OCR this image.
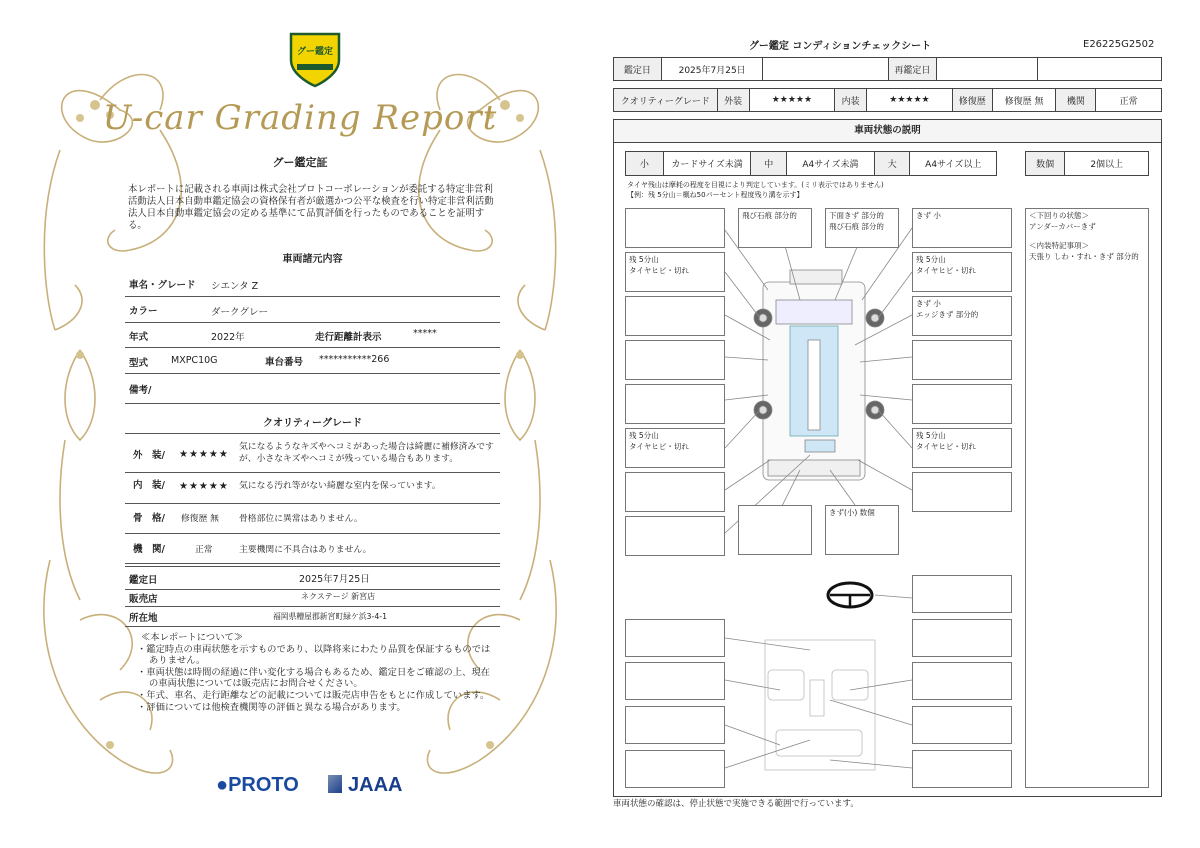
グー鑑定
U-car Grading Report
グー鑑定証
本レポートに記載される車両は株式会社プロトコーポレーションが委託する特定非営利活動法人日本自動車鑑定協会の資格保有者が厳選かつ公平な検査を行い特定非営利活動法人日本自動車鑑定協会の定める基準にて品質評価を行ったものであることを証明する。
車両諸元内容
車名・グレード シエンタ Z
カラー	ダークグレー
年式	2022年	走行距離計表示	*****
型式 MXPC10G	車台番号 ***********266
備考/
クオリティーグレード
外　装/ ★★★★★
気になるようなキズやヘコミがあった場合は綺麗に補修済みですが、小さなキズやヘコミが残っている場合もあります。
内　装/ ★★★★★ 気になる汚れ等がない綺麗な室内を保っています。
骨　格/ 修復歴 無 骨格部位に異常はありません。
機　関/	正常	主要機関に不具合はありません。
鑑定日	2025年7月25日
販売店	ネクステージ 新宮店
所在地	福岡県糟屋郡新宮町緑ケ浜3-4-1
≪本レポートについて≫
・鑑定時点の車両状態を示すものであり、以降将来にわたり品質を保証するものではありません。
・車両状態は時間の経過に伴い変化する場合もあるため、鑑定日をご確認の上、現在の車両状態については販売店にお問合せください。
・年式、車名、走行距離などの記載については販売店申告をもとに作成しています。
・評価については他検査機関等の評価と異なる場合があります。
●PROTO	JAAA
グー鑑定 コンディションチェックシート	E26225G2502
鑑定日	2025年7月25日	再鑑定日
クオリティーグレード	外装	★★★★★	内装	★★★★★	修復歴	修復歴 無	機関	正常
車両状態の説明
小	カードサイズ未満	中	A4サイズ未満	大	A4サイズ以上	数個	2個以上
タイヤ残山は摩耗の程度を目視により判定しています。(ミリ表示ではありません)
【例：残 5分山＝概ね50パーセント程度残り溝を示す】
残 5分山
タイヤヒビ・切れ
残 5分山
タイヤヒビ・切れ
飛び石痕 部分的	下面きず 部分的
飛び石痕 部分的
きず 小
残 5分山
タイヤヒビ・切れ
きず 小
エッジきず 部分的
残 5分山
タイヤヒビ・切れ
きず(小) 数個
＜下回りの状態＞
アンダーカバーきず
＜内装特記事項＞
天張り しわ・すれ・きず 部分的
車両状態の確認は、停止状態で実施できる範囲で行っています。
